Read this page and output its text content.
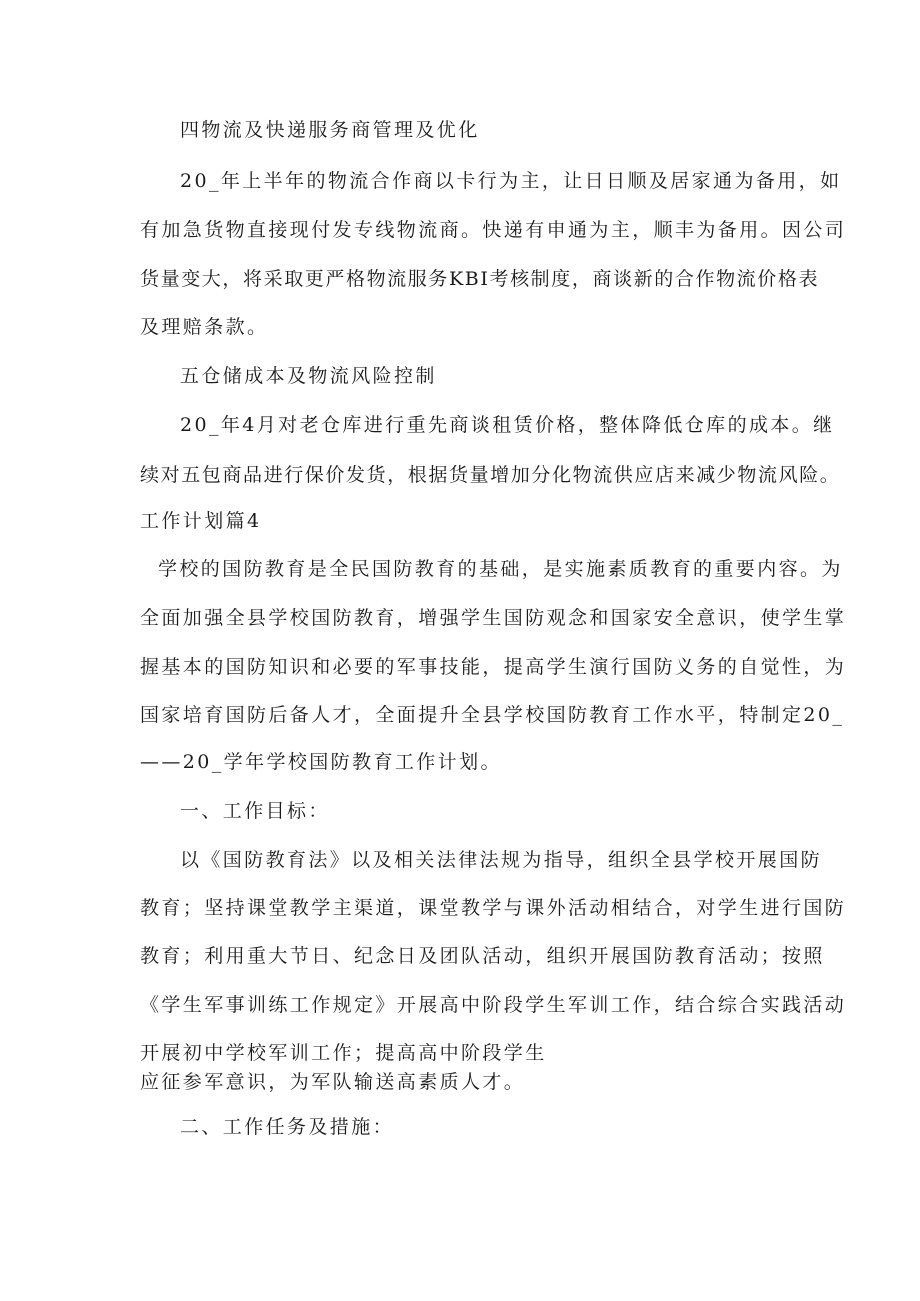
四物流及快递服务商管理及优化
20_年上半年的物流合作商以卡行为主，让日日顺及居家通为备用，如
有加急货物直接现付发专线物流商。快递有申通为主，顺丰为备用。因公司
货量变大，将采取更严格物流服务KBI考核制度，商谈新的合作物流价格表
及理赔条款。
五仓储成本及物流风险控制
20_年4月对老仓库进行重先商谈租赁价格，整体降低仓库的成本。继
续对五包商品进行保价发货，根据货量增加分化物流供应店来减少物流风险。
工作计划篇4
学校的国防教育是全民国防教育的基础，是实施素质教育的重要内容。为
全面加强全县学校国防教育，增强学生国防观念和国家安全意识，使学生掌
握基本的国防知识和必要的军事技能，提高学生演行国防义务的自觉性，为
国家培育国防后备人才，全面提升全县学校国防教育工作水平，特制定20_
——20_学年学校国防教育工作计划。
一、工作目标：
以《国防教育法》以及相关法律法规为指导，组织全县学校开展国防
教育；坚持课堂教学主渠道，课堂教学与课外活动相结合，对学生进行国防
教育；利用重大节日、纪念日及团队活动，组织开展国防教育活动；按照
《学生军事训练工作规定》开展高中阶段学生军训工作，结合综合实践活动
开展初中学校军训工作；提高高中阶段学生
应征参军意识，为军队输送高素质人才。
二、工作任务及措施：
